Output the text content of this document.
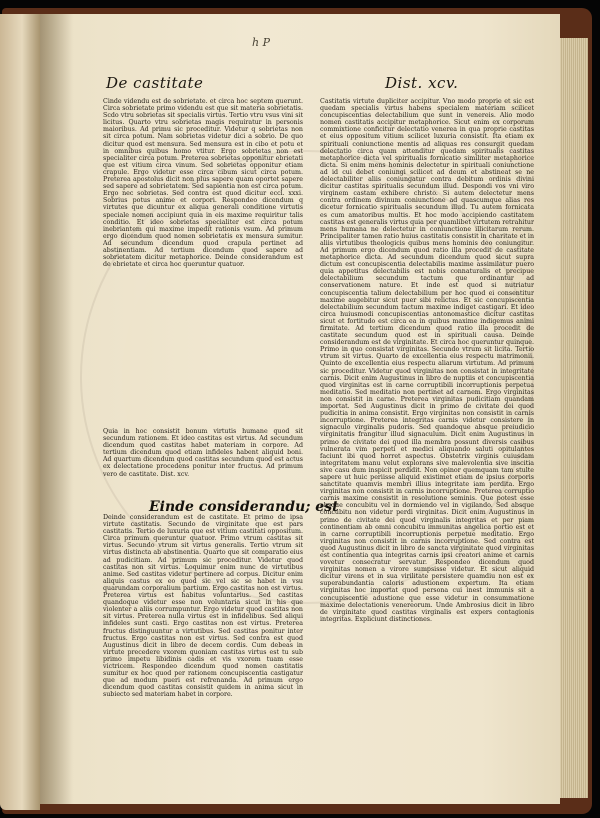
h P
De castitate	Dist. xcv.
Cinde videndu est de sobrietate. et circa hoc septem querunt. Circa sobrietate primo videndu est que sit materia sobrietatis. Scdo vtru sobrietas sit specialis virtus. Tertio vtru vsus vini sit licitus. Quarto vtru sobrietas magis requiratur in personis maioribus. Ad primu sic proceditur. Videtur q sobrietas non sit circa potum. Nam sobrietas videtur dici a sobrio. De quo dicitur quod est mensura. Sed mensura est in cibo et potu et in omnibus quibus homo vtitur. Ergo sobrietas non est specialiter circa potum. Preterea sobrietas opponitur ebrietati que est vitium circa vinum. Sed sobrietas opponitur etiam crapule. Ergo videtur esse circa cibum sicut circa potum. Preterea apostolus dicit non plus sapere quam oportet sapere sed sapere ad sobrietatem. Sed sapientia non est circa potum. Ergo nec sobrietas. Sed contra est quod dicitur eccl. xxxi. Sobrius potus anime et corpori. Respondeo dicendum q virtutes que dicuntur ex aliqua generali conditione virtutis speciale nomen accipiunt quia in eis maxime requiritur talis conditio. Et ideo sobrietas specialiter est circa potum inebriantem qui maxime impedit rationis vsum. Ad primum ergo dicendum quod nomen sobrietatis ex mensura sumitur. Ad secundum dicendum quod crapula pertinet ad abstinentiam. Ad tertium dicendum quod sapere ad sobrietatem dicitur metaphorice. Deinde considerandum est de ebrietate et circa hoc queruntur quatuor.
Quia in hoc consistit bonum virtutis humane quod sit secundum rationem. Et ideo castitas est virtus. Ad secundum dicendum quod castitas habet materiam in corpore. Ad tertium dicendum quod etiam infideles habent aliquid boni. Ad quartum dicendum quod castitas secundum quod est actus ex delectatione procedens ponitur inter fructus. Ad primum vero de castitate. Dist. xcv.
Einde considerandu; est
Deinde considerandum est de castitate. Et primo de ipsa virtute castitatis. Secundo de virginitate que est pars castitatis. Tertio de luxuria que est vitium castitati oppositum. Circa primum queruntur quatuor. Primo vtrum castitas sit virtus. Secundo vtrum sit virtus generalis. Tertio vtrum sit virtus distincta ab abstinentia. Quarto que sit comparatio eius ad pudicitiam. Ad primum sic proceditur. Videtur quod castitas non sit virtus. Loquimur enim nunc de virtutibus anime. Sed castitas videtur pertinere ad corpus. Dicitur enim aliquis castus ex eo quod sic vel sic se habet in vsu quarundam corporalium partium. Ergo castitas non est virtus. Preterea virtus est habitus voluntarius. Sed castitas quandoque videtur esse non voluntaria sicut in his que violenter a aliis corrumpuntur. Ergo videtur quod castitas non sit virtus. Preterea nulla virtus est in infidelibus. Sed aliqui infideles sunt casti. Ergo castitas non est virtus. Preterea fructus distinguuntur a virtutibus. Sed castitas ponitur inter fructus. Ergo castitas non est virtus. Sed contra est quod Augustinus dicit in libro de decem cordis. Cum debeas in virtute precedere vxorem quoniam castitas virtus est tu sub primo impetu libidinis cadis et vis vxorem tuam esse victricem. Respondeo dicendum quod nomen castitatis sumitur ex hoc quod per rationem concupiscentia castigatur que ad modum pueri est refrenanda. Ad primum ergo dicendum quod castitas consistit quidem in anima sicut in subiecto sed materiam habet in corpore.
Castitatis virtute dupliciter accipitur. Vno modo proprie et sic est quedam specialis virtus habens specialem materiam scilicet concupiscentias delectabilium que sunt in venereis. Alio modo nomen castitatis accipitur metaphorice. Sicut enim ex corporum commixtione conficitur delectatio venerea in qua proprie castitas et eius oppositum vitium scilicet luxuria consistit. Ita etiam ex spirituali coniunctione mentis ad aliquas res consurgit quedam delectatio circa quam attenditur quedam spiritualis castitas metaphorice dicta vel spiritualis fornicatio similiter metaphorice dicta. Si enim mens hominis delectetur in spirituali coniunctione ad id cui debet coniungi scilicet ad deum et abstineat se ne delectabiliter aliis coniungatur contra debitum ordinis divini dicitur castitas spiritualis secundum illud. Despondi vos vni viro virginem castam exhibere christo. Si autem delectetur mens contra ordinem divinum coniunctione ad quascumque alias res dicetur fornicatio spiritualis secundum illud. Tu autem fornicata es cum amatoribus multis. Et hoc modo accipiendo castitatem castitas est generalis virtus quia per quamlibet virtutem retrahitur mens humana ne delectetur in coniunctione illicitarum rerum. Principaliter tamen ratio huius castitatis consistit in charitate et in aliis virtutibus theologicis quibus mens hominis deo coniungitur. Ad primum ergo dicendum quod ratio illa procedit de castitate metaphorice dicta. Ad secundum dicendum quod sicut supra dictum est concupiscentia delectabilis maxime assimilatur puero quia appetitus delectabilis est nobis connaturalis et precipue delectabilium secundum tactum que ordinantur ad conservationem nature. Et inde est quod si nutriatur concupiscentia talium delectabilium per hoc quod ei consentitur maxime augebitur sicut puer sibi relictus. Et sic concupiscentia delectabilium secundum tactum maxime indiget castigari. Et ideo circa huiusmodi concupiscentias antonomastice dicitur castitas sicut et fortitudo est circa ea in quibus maxime indigemus animi firmitate. Ad tertium dicendum quod ratio illa procedit de castitate secundum quod est in spirituali causa. Deinde considerandum est de virginitate. Et circa hoc queruntur quinque. Primo in quo consistat virginitas. Secundo vtrum sit licita. Tertio vtrum sit virtus. Quarto de excellentia eius respectu matrimonii. Quinto de excellentia eius respectu aliarum virtutum. Ad primum sic proceditur. Videtur quod virginitas non consistat in integritate carnis. Dicit enim Augustinus in libro de nuptiis et concupiscentia quod virginitas est in carne corruptibili incorruptionis perpetua meditatio. Sed meditatio non pertinet ad carnem. Ergo virginitas non consistit in carne. Preterea virginitas pudicitiam quandam importat. Sed Augustinus dicit in primo de civitate dei quod pudicitia in anima consistit. Ergo virginitas non consistit in carnis incorruptione. Preterea integritas carnis videtur consistere in signaculo virginalis pudoris. Sed quandoque absque preiudicio virginitatis frangitur illud signaculum. Dicit enim Augustinus in primo de civitate dei quod illa membra possunt diversis casibus vulnerata vim perpeti et medici aliquando saluti opitulantes faciunt ibi quod horret aspectus. Obstetrix virginis cuiusdam integritatem manu velut explorans sive malevolentia sive inscitia sive casu dum inspicit perdidit. Non opinor quemquam tam stulte sapere ut huic periisse aliquid existimet etiam de ipsius corporis sanctitate quamvis membri illius integritate iam perdita. Ergo virginitas non consistit in carnis incorruptione. Preterea corruptio carnis maxime consistit in resolutione seminis. Que potest esse absque concubitu vel in dormiendo vel in vigilando. Sed absque concubitu non videtur perdi virginitas. Dicit enim Augustinus in primo de civitate dei quod virginalis integritas et per piam continentiam ab omni concubitu immunitas angelica portio est et in carne corruptibili incorruptionis perpetue meditatio. Ergo virginitas non consistit in carnis incorruptione. Sed contra est quod Augustinus dicit in libro de sancta virginitate quod virginitas est continentia qua integritas carnis ipsi creatori anime et carnis vovetur consecratur servatur. Respondeo dicendum quod virginitas nomen a virore sumpsisse videtur. Et sicut aliquid dicitur virens et in sua virilitate persistere quamdiu non est ex superabundantia caloris adustionem expertum. Ita etiam virginitas hoc importat quod persona cui inest immunis sit a concupiscentie adustione que esse videtur in consummatione maxime delectationis venereorum. Unde Ambrosius dicit in libro de virginitate quod castitas virginalis est expers contagionis integritas. Expliciunt distinctiones.
